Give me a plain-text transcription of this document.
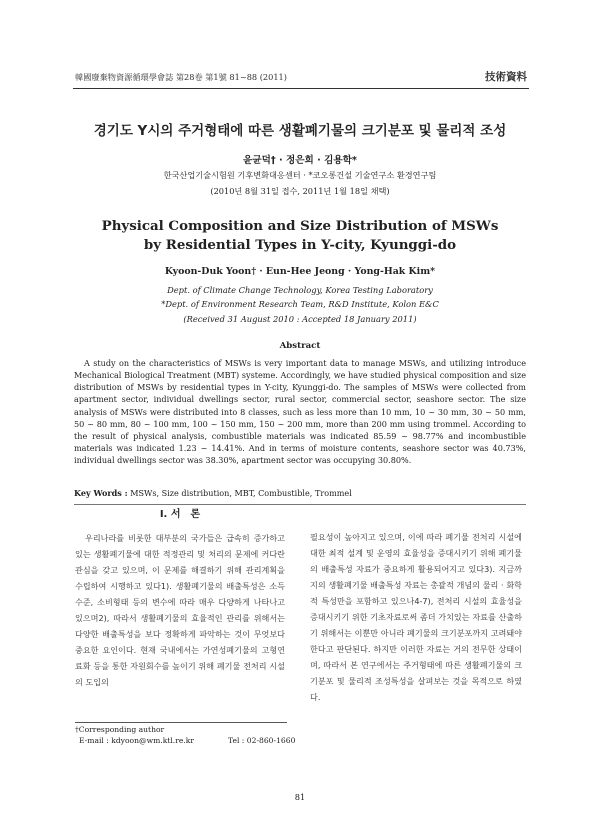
韓國廢棄物資源循環學會誌 第28卷 第1號 81~88 (2011)	技術資料
경기도 Y시의 주거형태에 따른 생활폐기물의 크기분포 및 물리적 조성
윤균덕† · 정은희 · 김용학*
한국산업기술시험원 기후변화대응센터 · *코오롱건설 기술연구소 환경연구팀
(2010년 8월 31일 접수, 2011년 1월 18일 채택)
Physical Composition and Size Distribution of MSWs
by Residential Types in Y-city, Kyunggi-do
Kyoon-Duk Yoon† · Eun-Hee Jeong · Yong-Hak Kim*
Dept. of Climate Change Technology, Korea Testing Laboratory
*Dept. of Environment Research Team, R&D Institute, Kolon E&C
(Received 31 August 2010 : Accepted 18 January 2011)
Abstract
A study on the characteristics of MSWs is very important data to manage MSWs, and utilizing introduce Mechanical Biological Treatment (MBT) systeme. Accordingly, we have studied physical composition and size distribution of MSWs by residential types in Y-city, Kyunggi-do. The samples of MSWs were collected from apartment sector, individual dwellings sector, rural sector, commercial sector, seashore sector. The size analysis of MSWs were distributed into 8 classes, such as less more than 10 mm, 10 ~ 30 mm, 30 ~ 50 mm, 50 ~ 80 mm, 80 ~ 100 mm, 100 ~ 150 mm, 150 ~ 200 mm, more than 200 mm using trommel. According to the result of physical analysis, combustible materials was indicated 85.59 ~ 98.77% and incombustible materials was indicated 1.23 ~ 14.41%. And in terms of moisture contents, seashore sector was 40.73%, individual dwellings sector was 38.30%, apartment sector was occupying 30.80%.
Key Words : MSWs, Size distribution, MBT, Combustible, Trommel
I. 서　론

우리나라를 비롯한 대부분의 국가들은 급속히 증가하고 있는 생활폐기물에 대한 적정관리 및 처리의 문제에 커다란 관심을 갖고 있으며, 이 문제를 해결하기 위해 관리계획을 수립하여 시행하고 있다1). 생활폐기물의 배출특성은 소득수준, 소비형태 등의 변수에 따라 매우 다양하게 나타나고 있으며2), 따라서 생활폐기물의 효율적인 관리를 위해서는 다양한 배출특성을 보다 정확하게 파악하는 것이 무엇보다 중요한 요인이다. 현재 국내에서는 가연성폐기물의 고형연료화 등을 통한 자원회수를 높이기 위해 폐기물 전처리 시설의 도입의

필요성이 높아지고 있으며, 이에 따라 폐기물 전처리 시설에 대한 최적 설계 및 운영의 효율성을 증대시키기 위해 폐기물의 배출특성 자료가 중요하게 활용되어지고 있다3). 지금까지의 생활폐기물 배출특성 자료는 총괄적 개념의 물리 · 화학적 특성만을 포함하고 있으나4-7), 전처리 시설의 효율성을 증대시키기 위한 기초자료로써 좀더 가치있는 자료를 산출하기 위해서는 이뿐만 아니라 폐기물의 크기분포까지 고려돼야 한다고 판단된다. 하지만 이러한 자료는 거의 전무한 상태이며, 따라서 본 연구에서는 주거형태에 따른 생활폐기물의 크기분포 및 물리적 조성특성을 살펴보는 것을 목적으로 하였다.

†Corresponding author
E-mail : kdyoon@wm.ktl.re.kr	Tel : 02-860-1660
81
